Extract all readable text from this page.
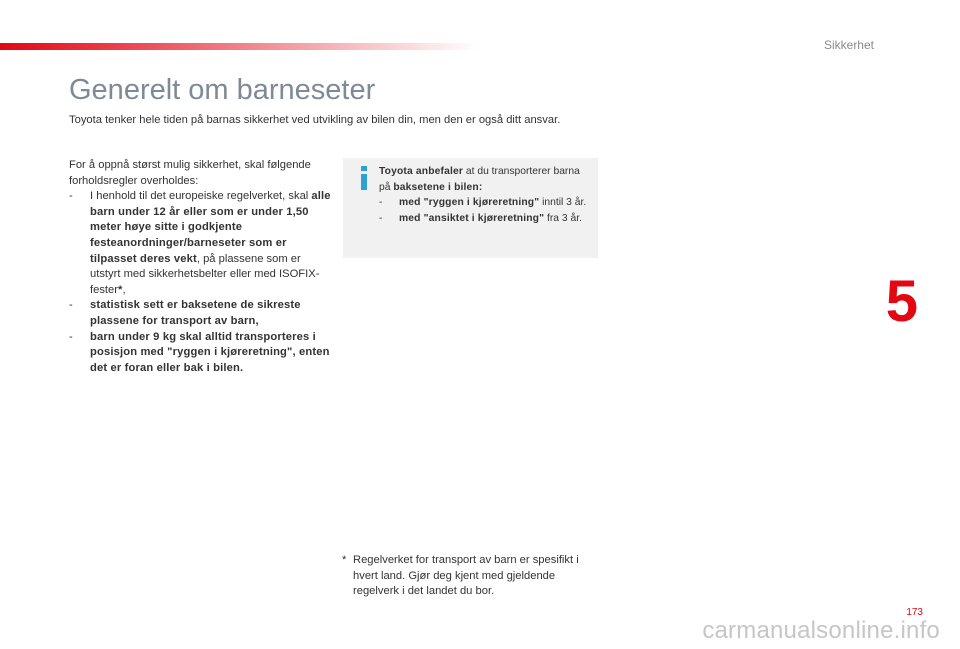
Sikkerhet
Generelt om barneseter
Toyota tenker hele tiden på barnas sikkerhet ved utvikling av bilen din, men den er også ditt ansvar.

For å oppnå størst mulig sikkerhet, skal følgende forholdsregler overholdes:

-	I henhold til det europeiske regelverket, skal alle barn under 12 år eller som er under 1,50 meter høye sitte i godkjente festeanordninger/barneseter som er tilpasset deres vekt, på plassene som er utstyrt med sikkerhetsbelter eller med ISOFIX-fester*,
-	statistisk sett er baksetene de sikreste plassene for transport av barn,
-	barn under 9 kg skal alltid transporteres i posisjon med "ryggen i kjøreretning", enten det er foran eller bak i bilen.

Toyota anbefaler at du transporterer barna på baksetene i bilen:

-	med "ryggen i kjøreretning" inntil 3 år.
-	med "ansiktet i kjøreretning" fra 3 år.
5
* Regelverket for transport av barn er spesifikt i hvert land. Gjør deg kjent med gjeldende regelverk i det landet du bor.
173
carmanualsonline.info
